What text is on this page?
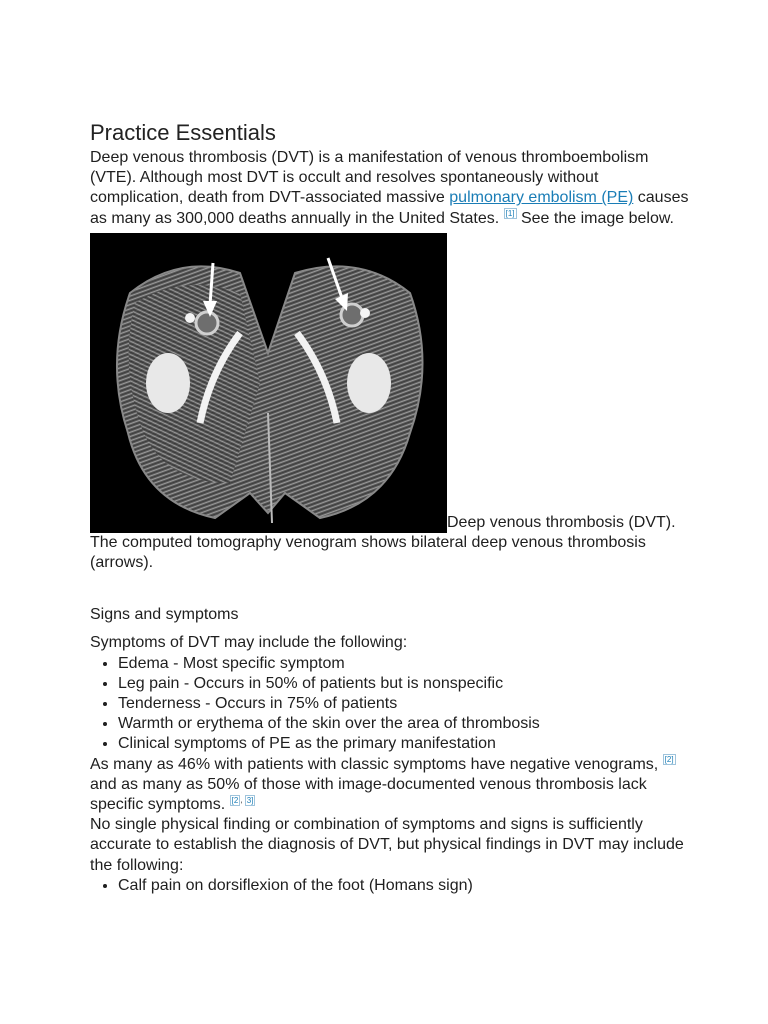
Practice Essentials

Deep venous thrombosis (DVT) is a manifestation of venous thromboembolism (VTE). Although most DVT is occult and resolves spontaneously without complication, death from DVT-associated massive pulmonary embolism (PE) causes as many as 300,000 deaths annually in the United States. [1] See the image below.

Deep venous thrombosis (DVT). The computed tomography venogram shows bilateral deep venous thrombosis (arrows).
Signs and symptoms

Symptoms of DVT may include the following:

• Edema - Most specific symptom
• Leg pain - Occurs in 50% of patients but is nonspecific
• Tenderness - Occurs in 75% of patients
• Warmth or erythema of the skin over the area of thrombosis
• Clinical symptoms of PE as the primary manifestation

As many as 46% with patients with classic symptoms have negative venograms, [2] and as many as 50% of those with image-documented venous thrombosis lack specific symptoms. [2 , 3]

No single physical finding or combination of symptoms and signs is sufficiently accurate to establish the diagnosis of DVT, but physical findings in DVT may include the following:

• Calf pain on dorsiflexion of the foot (Homans sign)
